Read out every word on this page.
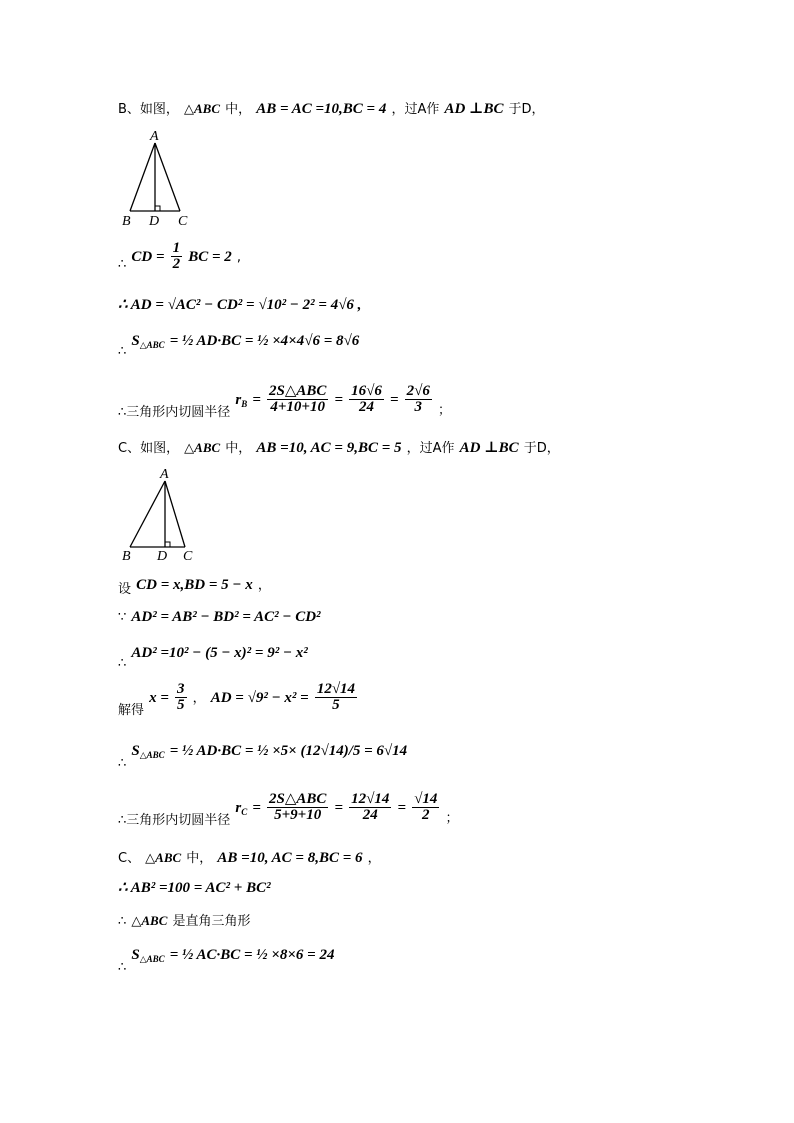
B、如图， △ABC 中， AB = AC =10,BC = 4 ，过A作 AD ⊥BC 于D，
A
B D C
∴ CD = $\frac{1}{2}$ BC = 2 ,
∴ AD = √AC² − CD² = √10² − 2² = 4√6 ,
$_\therefore$ $S_{\triangle ABC}$ = ½ AD·BC = ½ ×4×4√6 = 8√6
$_{\therefore 三角形内切圆半径}$ $r_B = \frac{\text{2S△ABC}}{4+10+10} = \frac{16√6}{24} = \frac{2√6}{3} _;$
C、如图， △ABC 中， AB =10, AC = 9,BC = 5 ，过A作 AD ⊥BC 于D，
A
B D C
$_设$ CD = x,BD = 5 − x ，
∵ AD² = AB² − BD² = AC² − CD²
$_\therefore$ AD² =10² − (5 − x)² = 9² − x²
$_{解得}$ $x = \frac{3}{5}$ ， AD = $√9^2 - x^2 = \frac{12√14}{5}$
$_\therefore$ $S_{\triangle ABC}$ = ½ AD·BC = ½ ×5× (12√14)/5 = 6√14
$_{\therefore 三角形内切圆半径}$ $r_C = \frac{\text{2S△ABC}}{5+9+10} = \frac{12√14}{24} = \frac{√14}{2} _;$
C、 △ABC 中， AB =10, AC = 8,BC = 6 ，
∴ AB² =100 = AC² + BC²
∴ △ABC 是直角三角形
$_\therefore$ $S_{\triangle ABC}$ = ½ AC·BC = ½ ×8×6 = 24
